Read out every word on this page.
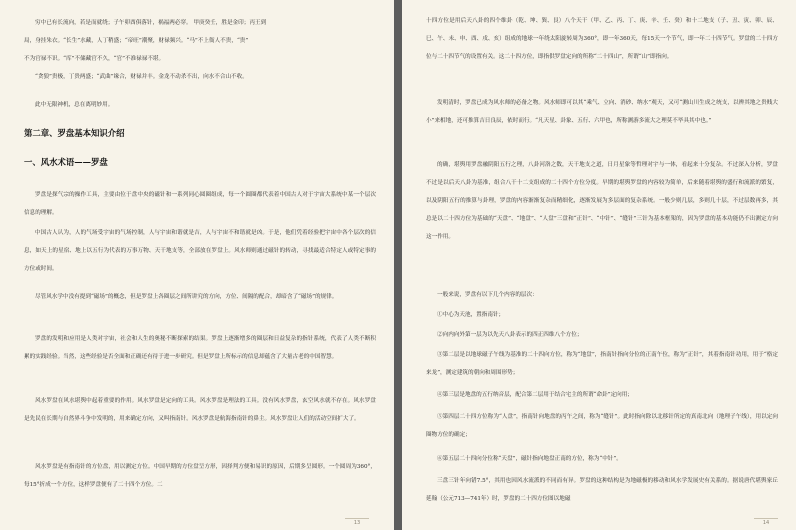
穷中已有长流向，若是而就绕；子午卯酉俱落针，祸福两必穿。 甲庚癸壬，胜是金印；丙王到

局，身挂朱衣。“长生”水藏，人丁稍盛；“帝旺”潮聚，财禄频兴。“马”不上衙人不贵，“贵”

不为官禄不识。“库”不储藏官不久，“官”不准禄禄不堪。

“贪狼”贵极，丁贵两盛；“武曲”缘合，财禄并丰。金龙不动杀不出，向水不合山不收。

此中无限神机，总在离明妙用。

第二章、罗盘基本知识介绍
一、风水术语——罗盘

罗盘是探气宗的操作工具，主要由位于盘中央的磁针和一系列同心圆圈组成，每一个圆圈都代表着中国古人对于宇宙大系统中某一个层次信息的理解。

中国古人认为，人的气场受宇宙的气场控制，人与宇宙和谐就是吉，人与宇宙不和谐就是凶。于是，他们凭着经验把宇宙中各个层次的信息，如天上的星宿、地上以五行为代表的万事万物、天干地支等，全部放在罗盘上。风水师则通过磁针的转动，寻找最适合特定人或特定事的方位或时间。

尽管风水学中没有提到“磁场”的概念，但是罗盘上各圈层之间所讲究的方向，方位、间隔的配合，却暗含了“磁场”的规律。

罗盘的发明和应用是人类对宇宙，社会和人生的奥秘不断探索的结果。罗盘上逐渐增多的圈层和日益复杂的指针系统，代表了人类不断积累的实践经验。当然，这些经验是否全面和正确还有待于进一步研究。但是罗盘上所标示的信息却蕴含了大量古老的中国智慧。

风水罗盘在风水堪舆中起着重要的作用。风水罗盘是定向的工具。风水罗盘是理法的工具。没有风水罗盘，玄空风水就不存在。风水罗盘是先民在长期与自然界斗争中发明的，用来确定方向，又叫指南针。风水罗盘是航海指南针的鼻主。风水罗盘让人们的活动空间扩大了。

风水罗盘是有指南针的方位盘，用以测定方位。中国早期的方位盘呈方形，因择判方便和易识的原因，后期多呈圆形。一个圆周为360°，每15°折成一个方位，这样罗盘便有了二十四个方位。二

13

十四方位是用后天八卦的四个维卦（乾、坤、巽、艮）八个天干（甲、乙、丙、丁、庚、辛、壬、癸）和十二地支（子、丑、寅、卯、辰、巳、午、未、申、酉、戌、亥）组成的地球一年绕太阳旋转周为360°，即一年360天，每15天一个节气，即一年二十四节气。罗盘的二十四方位与二十四节气的设置有关。这二十四方位，即指供罗盘定向的所称“二十四山”，所谓“山”即指向。

发明清时，罗盘已成为风水师的必备之物。风水师即可以其“乘气、立向、消砂、纳水”观天，又可“测山川生成之统支，以辨其地之贵贱大小”来相地，还可推算吉日良辰，依时而行。“凡天星、卦象、五行、六甲也，所称测游多流大之理莫不毕具其中也。”

的确，堪舆用罗盘融阴阳五行之理，八卦河洛之数，天干地支之道，日月星象等哲理对宇与一体，看起来十分复杂。不过深入分析，罗盘不过是以后天八卦为基准，组合八干十二支组成的二十四个方位分度。早期的堪舆罗盘的内容较为简单，后来随着堪舆的盛行和流派的繁复，以及阴阳五行的推算与卦理，罗盘的内容渐渐复杂而精细化，逐渐发展为多层面的复杂系统。一般少则几层，多则几十层，不过层数再多，其总是以二十四方位为基础的“天盘”、“地盘”、“人盘”三盘和“正针”、“中针”、“缝针”三针为基本框架的，因为罗盘的基本功能仍不出测定方向这一作用。

一般来说，罗盘有以下几个内容的层次：

①中心为天池，置指南针；

②向内向外第一层为以先天八卦表示的四正四维八个方位；

③第二层是以地球磁子午线为基准的二十四向方位，称为“地盘”，指南针指向分位的正南午位，称为“正针”，其着指南针功用，用于“格定来龙”，测定建筑的朝向和周围形势；

④第三层是地盘的五行纳音层，配合第二层用于结合宅主的所谓“命卦”定向用；

⑤第四层二十四方位称为“人盘”，指南针向地盘的丙午之间，称为“缝针”。此时指向除以北移针所定的真南北向（地理子午线），用以定向圈物方位的确定；

⑥第五层二十四向分位称“天盘”，磁针指向地盘正南的方位，称为“中针”。

三盘三针年向错7.5°，其用也因风水流派的不同而有异。罗盘的这种结构是为地磁极的移动和风水学发展史有关系的。据说唐代堪舆家丘延翰（公元713—741年）时，罗盘的二十四方位图以地磁

14
